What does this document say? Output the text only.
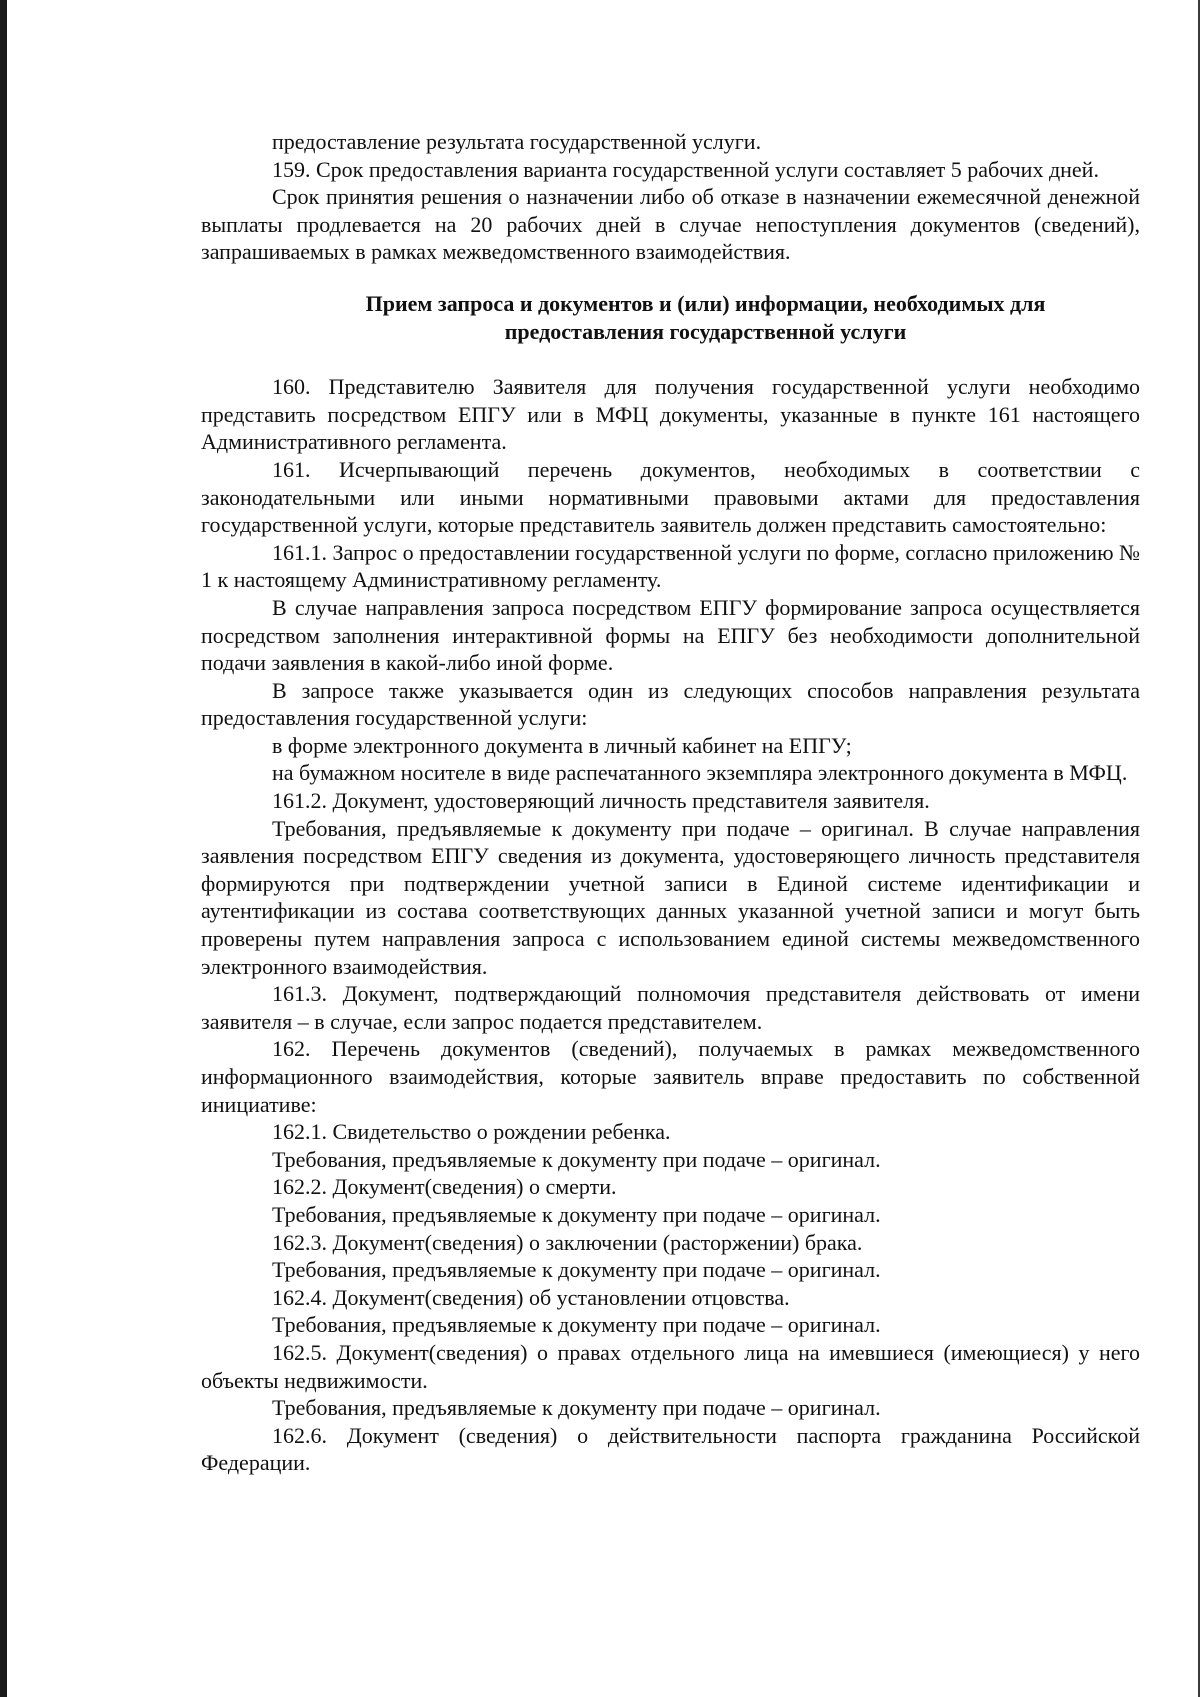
предоставление результата государственной услуги.

159. Срок предоставления варианта государственной услуги составляет 5 рабочих дней.

Срок принятия решения о назначении либо об отказе в назначении ежемесячной денежной выплаты продлевается на 20 рабочих дней в случае непоступления документов (сведений), запрашиваемых в рамках межведомственного взаимодействия.

Прием запроса и документов и (или) информации, необходимых для
предоставления государственной услуги

160. Представителю Заявителя для получения государственной услуги необходимо представить посредством ЕПГУ или в МФЦ документы, указанные в пункте 161 настоящего Административного регламента.

161. Исчерпывающий перечень документов, необходимых в соответствии с законодательными или иными нормативными правовыми актами для предоставления государственной услуги, которые представитель заявитель должен представить самостоятельно:

161.1. Запрос о предоставлении государственной услуги по форме, согласно приложению № 1 к настоящему Административному регламенту.

В случае направления запроса посредством ЕПГУ формирование запроса осуществляется посредством заполнения интерактивной формы на ЕПГУ без необходимости дополнительной подачи заявления в какой-либо иной форме.

В запросе также указывается один из следующих способов направления результата предоставления государственной услуги:

в форме электронного документа в личный кабинет на ЕПГУ;

на бумажном носителе в виде распечатанного экземпляра электронного документа в МФЦ.

161.2. Документ, удостоверяющий личность представителя заявителя.

Требования, предъявляемые к документу при подаче – оригинал. В случае направления заявления посредством ЕПГУ сведения из документа, удостоверяющего личность представителя формируются при подтверждении учетной записи в Единой системе идентификации и аутентификации из состава соответствующих данных указанной учетной записи и могут быть проверены путем направления запроса с использованием единой системы межведомственного электронного взаимодействия.

161.3. Документ, подтверждающий полномочия представителя действовать от имени заявителя – в случае, если запрос подается представителем.

162. Перечень документов (сведений), получаемых в рамках межведомственного информационного взаимодействия, которые заявитель вправе предоставить по собственной инициативе:

162.1. Свидетельство о рождении ребенка.

Требования, предъявляемые к документу при подаче – оригинал.

162.2. Документ(сведения) о смерти.

Требования, предъявляемые к документу при подаче – оригинал.

162.3. Документ(сведения) о заключении (расторжении) брака.

Требования, предъявляемые к документу при подаче – оригинал.

162.4. Документ(сведения) об установлении отцовства.

Требования, предъявляемые к документу при подаче – оригинал.

162.5. Документ(сведения) о правах отдельного лица на имевшиеся (имеющиеся) у него объекты недвижимости.

Требования, предъявляемые к документу при подаче – оригинал.

162.6. Документ (сведения) о действительности паспорта гражданина Российской Федерации.
